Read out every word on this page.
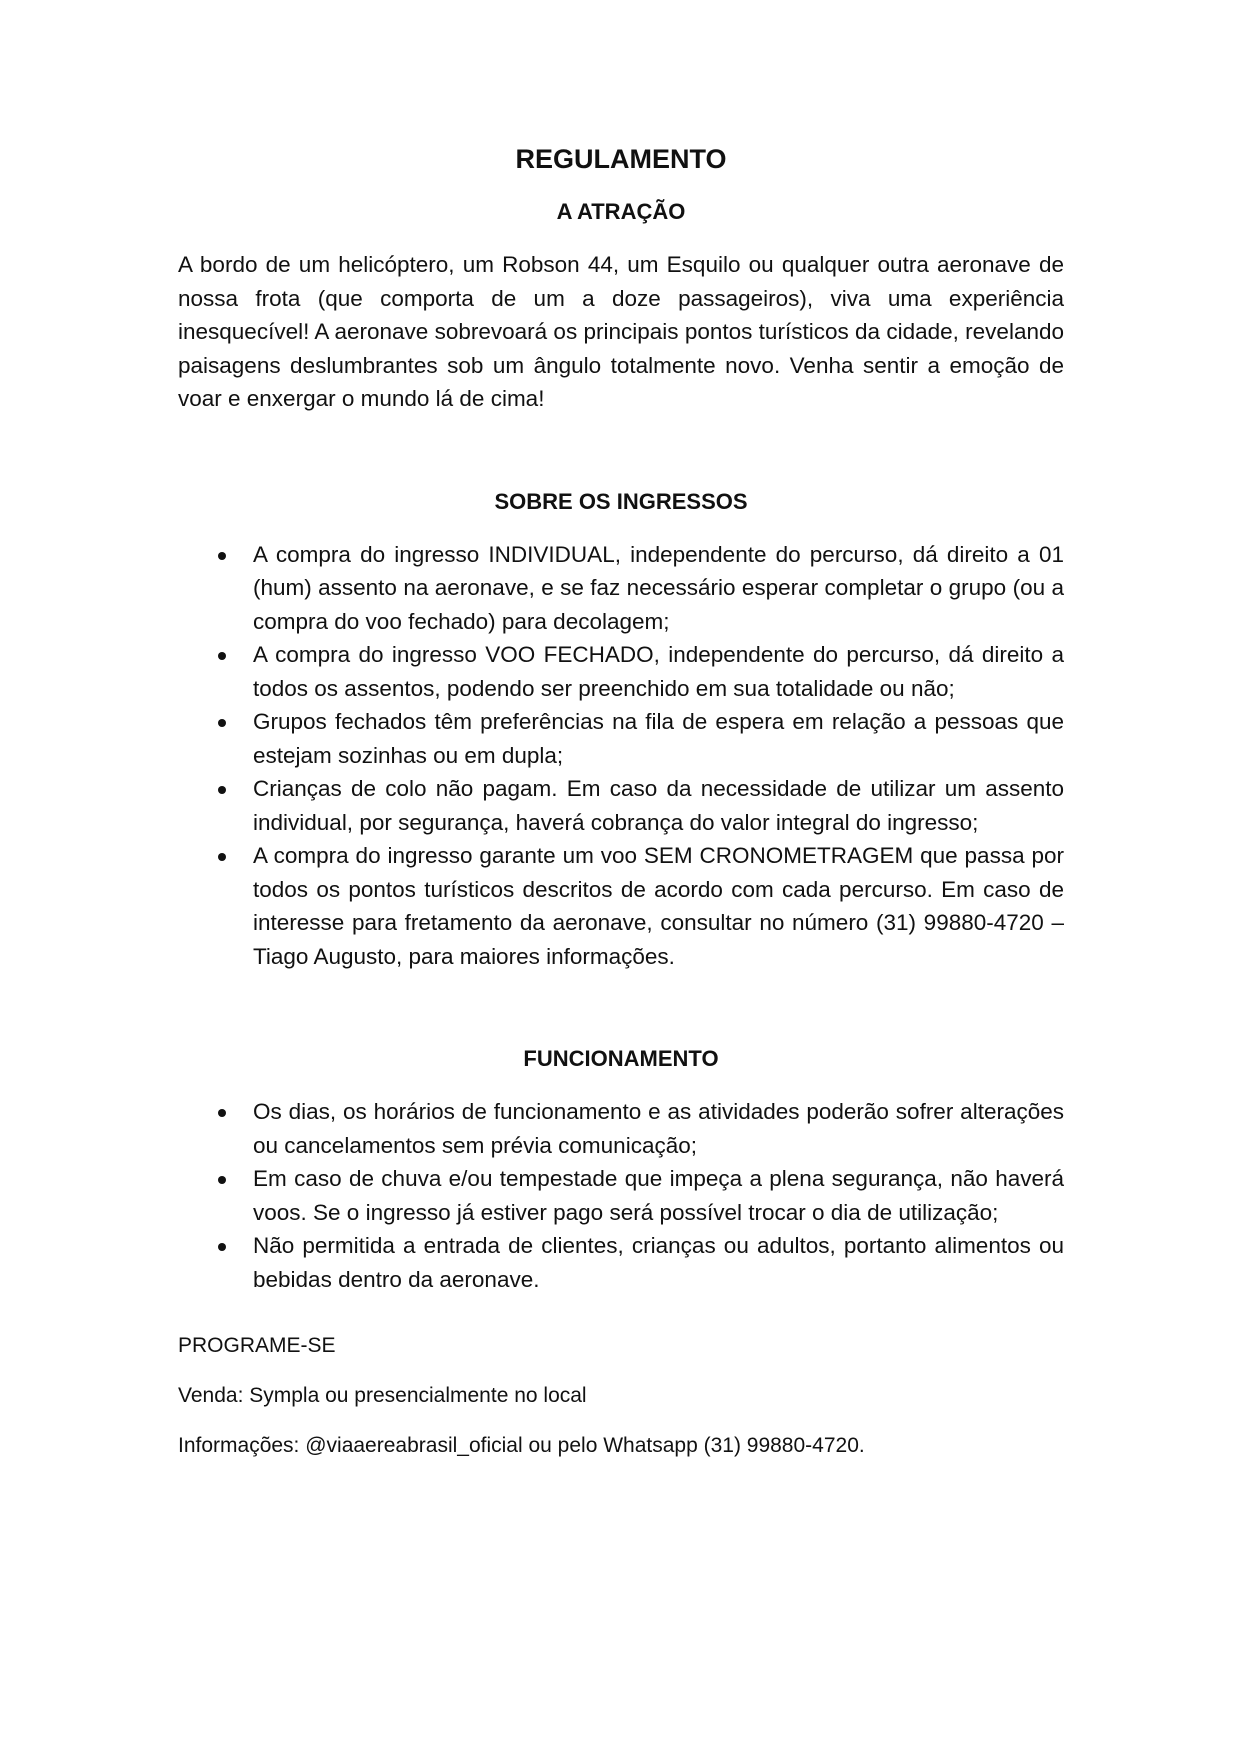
REGULAMENTO
A ATRAÇÃO

A bordo de um helicóptero, um Robson 44, um Esquilo ou qualquer outra aeronave de nossa frota (que comporta de um a doze passageiros), viva uma experiência inesquecível! A aeronave sobrevoará os principais pontos turísticos da cidade, revelando paisagens deslumbrantes sob um ângulo totalmente novo. Venha sentir a emoção de voar e enxergar o mundo lá de cima!

SOBRE OS INGRESSOS
A compra do ingresso INDIVIDUAL, independente do percurso, dá direito a 01 (hum) assento na aeronave, e se faz necessário esperar completar o grupo (ou a compra do voo fechado) para decolagem;
A compra do ingresso VOO FECHADO, independente do percurso, dá direito a todos os assentos, podendo ser preenchido em sua totalidade ou não;
Grupos fechados têm preferências na fila de espera em relação a pessoas que estejam sozinhas ou em dupla;
Crianças de colo não pagam. Em caso da necessidade de utilizar um assento individual, por segurança, haverá cobrança do valor integral do ingresso;
A compra do ingresso garante um voo SEM CRONOMETRAGEM que passa por todos os pontos turísticos descritos de acordo com cada percurso. Em caso de interesse para fretamento da aeronave, consultar no número (31) 99880-4720 – Tiago Augusto, para maiores informações.
FUNCIONAMENTO
Os dias, os horários de funcionamento e as atividades poderão sofrer alterações ou cancelamentos sem prévia comunicação;
Em caso de chuva e/ou tempestade que impeça a plena segurança, não haverá voos. Se o ingresso já estiver pago será possível trocar o dia de utilização;
Não permitida a entrada de clientes, crianças ou adultos, portanto alimentos ou bebidas dentro da aeronave.

PROGRAME-SE

Venda: Sympla ou presencialmente no local

Informações: @viaaereabrasil_oficial ou pelo Whatsapp (31) 99880-4720.
